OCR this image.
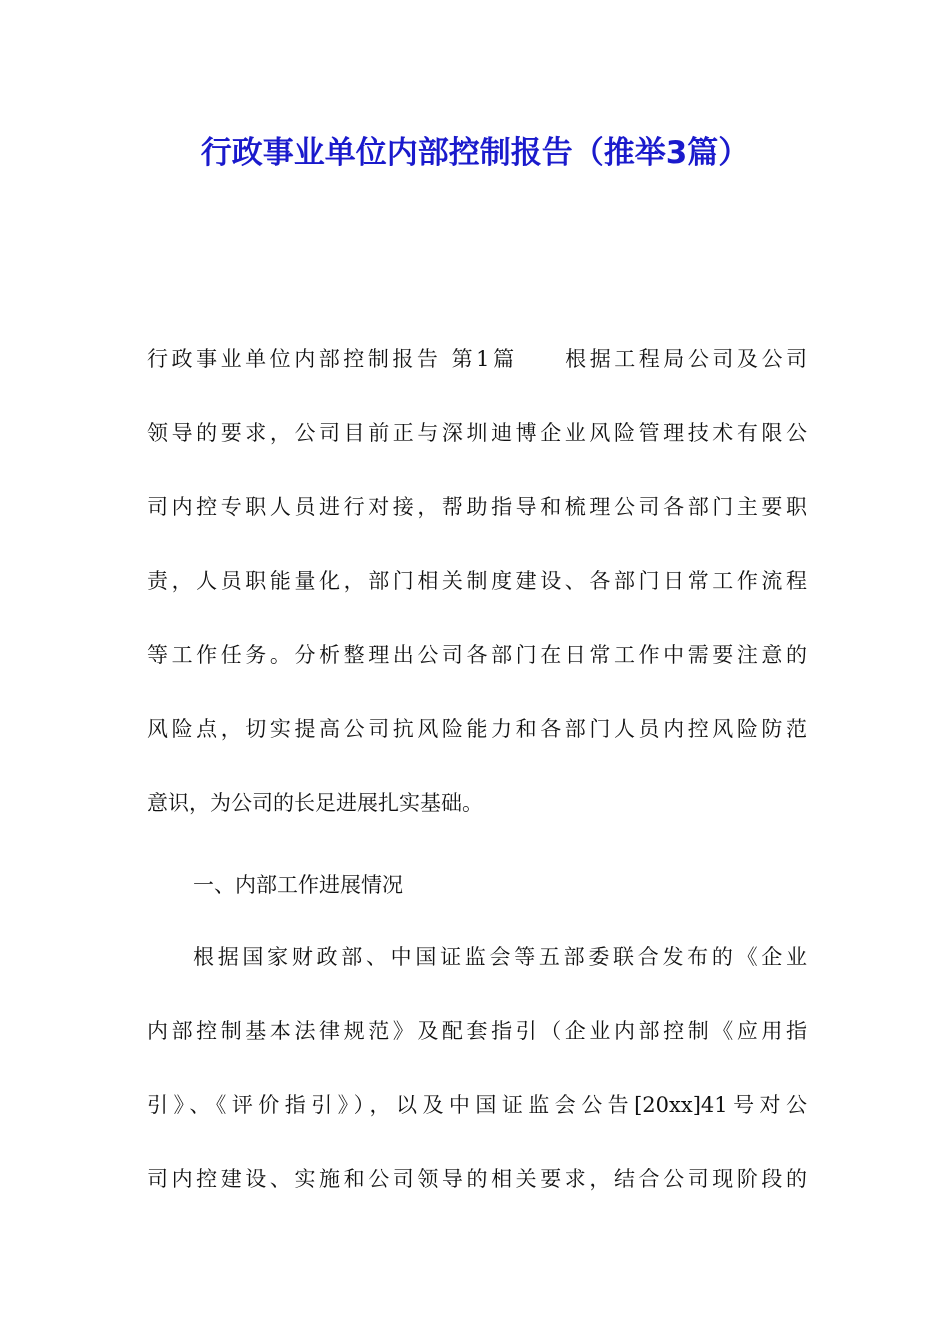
行政事业单位内部控制报告（推举3篇）
行政事业单位内部控制报告 第1篇 根据工程局公司及公司
领导的要求，公司目前正与深圳迪博企业风险管理技术有限公
司内控专职人员进行对接，帮助指导和梳理公司各部门主要职
责，人员职能量化，部门相关制度建设、各部门日常工作流程
等工作任务。分析整理出公司各部门在日常工作中需要注意的
风险点，切实提高公司抗风险能力和各部门人员内控风险防范
意识，为公司的长足进展扎实基础。
一、内部工作进展情况
根据国家财政部、中国证监会等五部委联合发布的《企业
内部控制基本法律规范》及配套指引（企业内部控制《应用指
引》、《评价指引》），以及中国证监会公告[20xx]41号对公
司内控建设、实施和公司领导的相关要求，结合公司现阶段的
